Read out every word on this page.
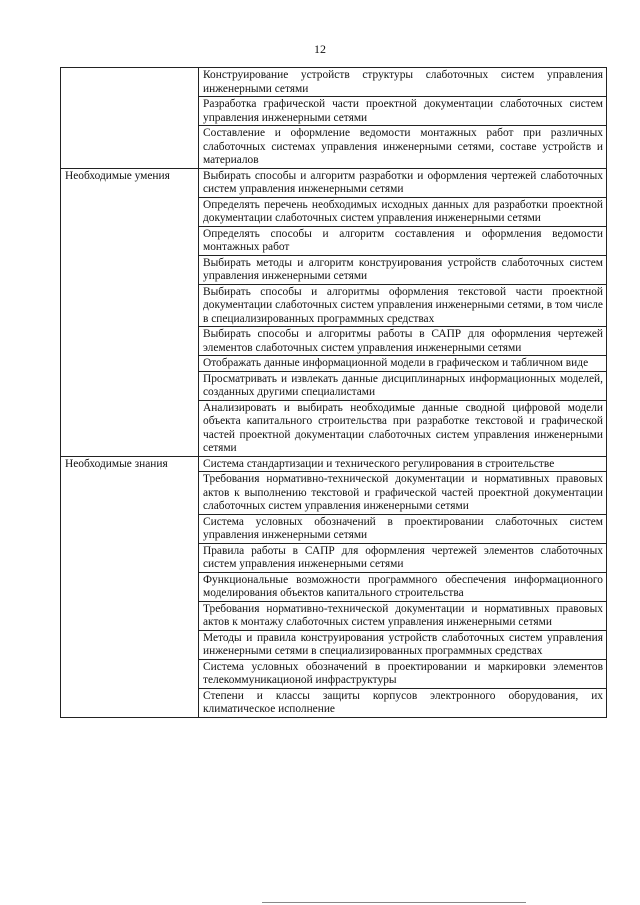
12
	Конструирование устройств структуры слаботочных систем управления инженерными сетями
	Разработка графической части проектной документации слаботочных систем управления инженерными сетями
	Составление и оформление ведомости монтажных работ при различных слаботочных системах управления инженерными сетями, составе устройств и материалов
Необходимые умения	Выбирать способы и алгоритм разработки и оформления чертежей слаботочных систем управления инженерными сетями
	Определять перечень необходимых исходных данных для разработки проектной документации слаботочных систем управления инженерными сетями
	Определять способы и алгоритм составления и оформления ведомости монтажных работ
	Выбирать методы и алгоритм конструирования устройств слаботочных систем управления инженерными сетями
	Выбирать способы и алгоритмы оформления текстовой части проектной документации слаботочных систем управления инженерными сетями, в том числе в специализированных программных средствах
	Выбирать способы и алгоритмы работы в САПР для оформления чертежей элементов слаботочных систем управления инженерными сетями
	Отображать данные информационной модели в графическом и табличном виде
	Просматривать и извлекать данные дисциплинарных информационных моделей, созданных другими специалистами
	Анализировать и выбирать необходимые данные сводной цифровой модели объекта капитального строительства при разработке текстовой и графической частей проектной документации слаботочных систем управления инженерными сетями
Необходимые знания	Система стандартизации и технического регулирования в строительстве
	Требования нормативно-технической документации и нормативных правовых актов к выполнению текстовой и графической частей проектной документации слаботочных систем управления инженерными сетями
	Система условных обозначений в проектировании слаботочных систем управления инженерными сетями
	Правила работы в САПР для оформления чертежей элементов слаботочных систем управления инженерными сетями
	Функциональные возможности программного обеспечения информационного моделирования объектов капитального строительства
	Требования нормативно-технической документации и нормативных правовых актов к монтажу слаботочных систем управления инженерными сетями
	Методы и правила конструирования устройств слаботочных систем управления инженерными сетями в специализированных программных средствах
	Система условных обозначений в проектировании и маркировки элементов телекоммуникационой инфраструктуры
	Степени и классы защиты корпусов электронного оборудования, их климатическое исполнение
